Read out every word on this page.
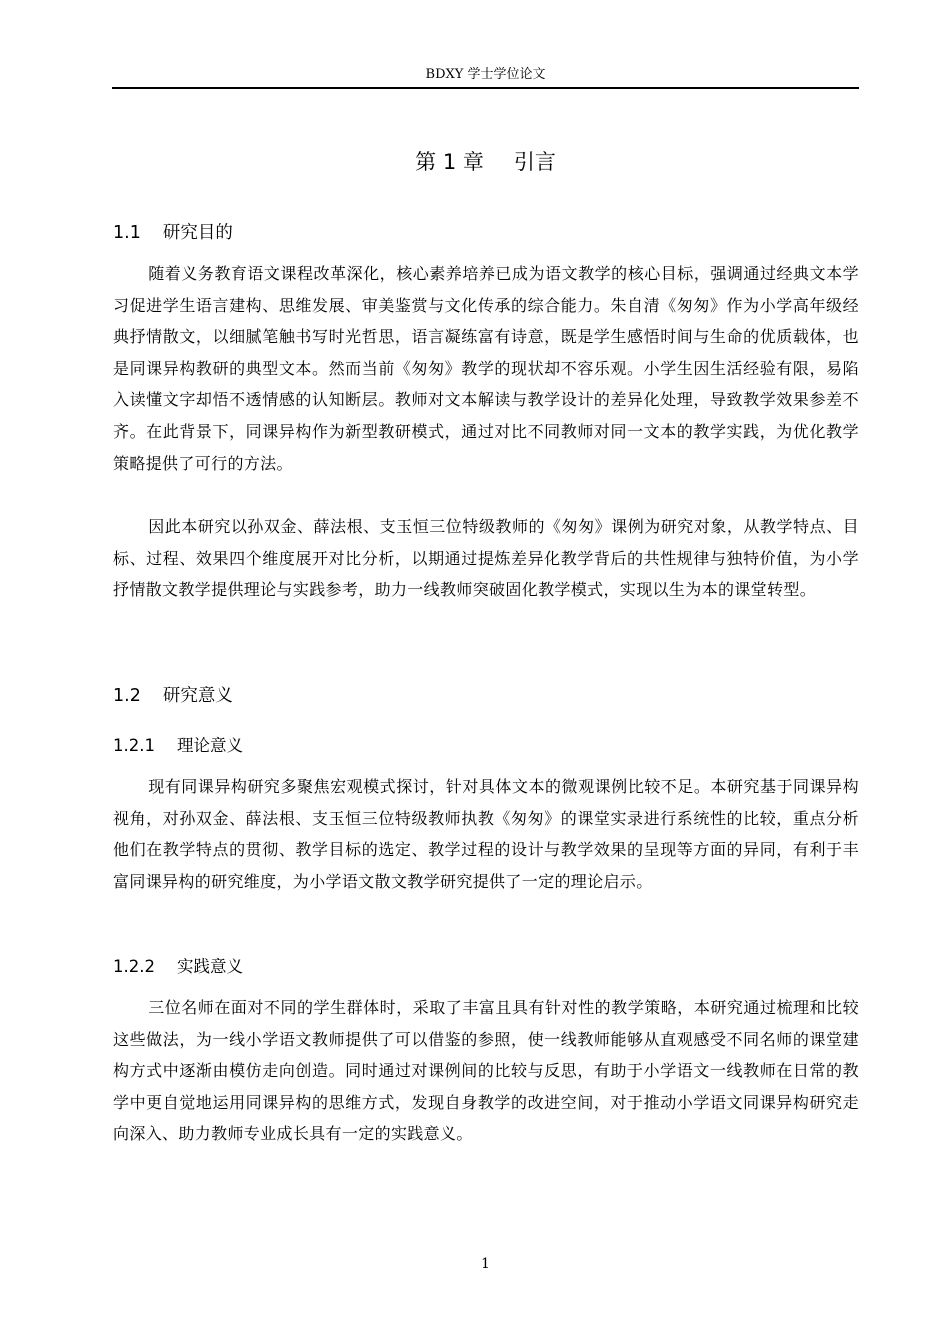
BDXY 学士学位论文
第 1 章 引言
1.1 研究目的

随着义务教育语文课程改革深化，核心素养培养已成为语文教学的核心目标，强调通过经典文本学习促进学生语言建构、思维发展、审美鉴赏与文化传承的综合能力。朱自清《匆匆》作为小学高年级经典抒情散文，以细腻笔触书写时光哲思，语言凝练富有诗意，既是学生感悟时间与生命的优质载体，也是同课异构教研的典型文本。然而当前《匆匆》教学的现状却不容乐观。小学生因生活经验有限，易陷入读懂文字却悟不透情感的认知断层。教师对文本解读与教学设计的差异化处理，导致教学效果参差不齐。在此背景下，同课异构作为新型教研模式，通过对比不同教师对同一文本的教学实践，为优化教学策略提供了可行的方法。

因此本研究以孙双金、薛法根、支玉恒三位特级教师的《匆匆》课例为研究对象，从教学特点、目标、过程、效果四个维度展开对比分析，以期通过提炼差异化教学背后的共性规律与独特价值，为小学抒情散文教学提供理论与实践参考，助力一线教师突破固化教学模式，实现以生为本的课堂转型。

1.2 研究意义
1.2.1 理论意义

现有同课异构研究多聚焦宏观模式探讨，针对具体文本的微观课例比较不足。本研究基于同课异构视角，对孙双金、薛法根、支玉恒三位特级教师执教《匆匆》的课堂实录进行系统性的比较，重点分析他们在教学特点的贯彻、教学目标的选定、教学过程的设计与教学效果的呈现等方面的异同，有利于丰富同课异构的研究维度，为小学语文散文教学研究提供了一定的理论启示。

1.2.2 实践意义

三位名师在面对不同的学生群体时，采取了丰富且具有针对性的教学策略，本研究通过梳理和比较这些做法，为一线小学语文教师提供了可以借鉴的参照，使一线教师能够从直观感受不同名师的课堂建构方式中逐渐由模仿走向创造。同时通过对课例间的比较与反思，有助于小学语文一线教师在日常的教学中更自觉地运用同课异构的思维方式，发现自身教学的改进空间，对于推动小学语文同课异构研究走向深入、助力教师专业成长具有一定的实践意义。

1
